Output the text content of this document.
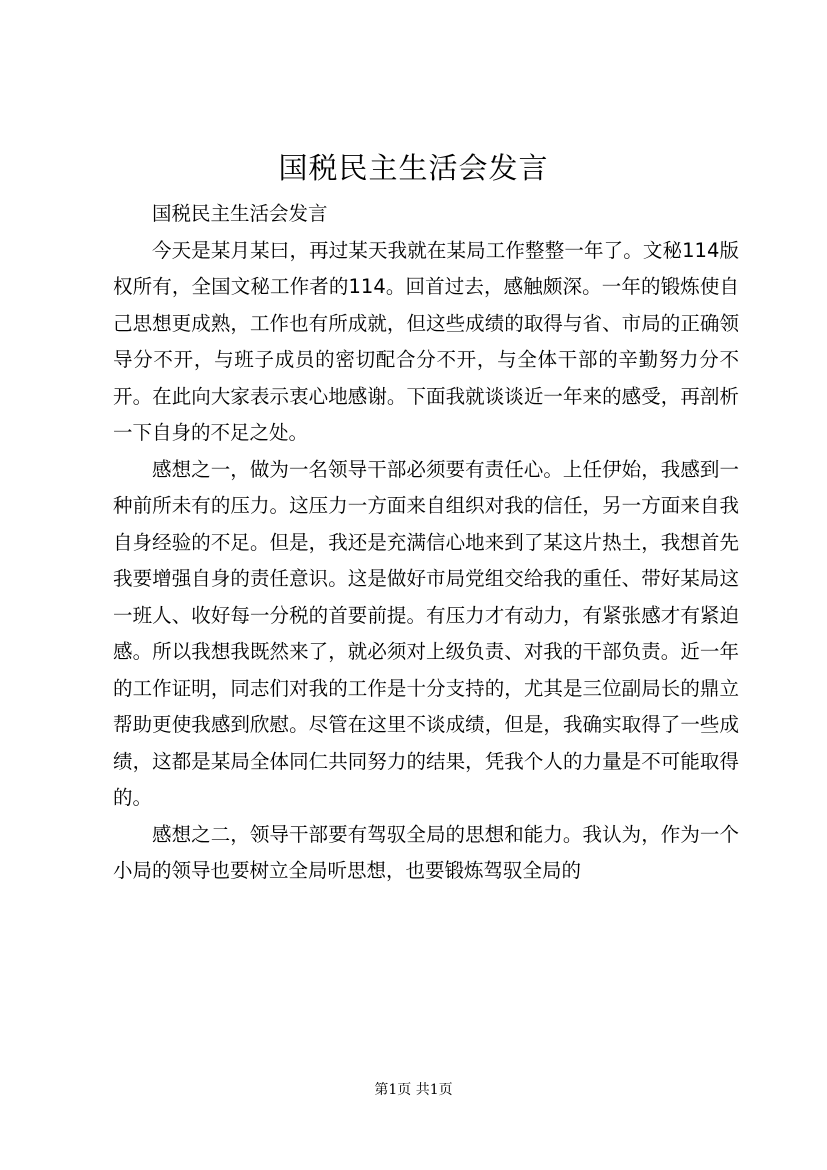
国税民主生活会发言

国税民主生活会发言

今天是某月某曰，再过某天我就在某局工作整整一年了。文秘114版权所有，全国文秘工作者的114。回首过去，感触颇深。一年的锻炼使自己思想更成熟，工作也有所成就，但这些成绩的取得与省、市局的正确领导分不开，与班子成员的密切配合分不开，与全体干部的辛勤努力分不开。在此向大家表示衷心地感谢。下面我就谈谈近一年来的感受，再剖析一下自身的不足之处。

感想之一，做为一名领导干部必须要有责任心。上任伊始，我感到一种前所未有的压力。这压力一方面来自组织对我的信任，另一方面来自我自身经验的不足。但是，我还是充满信心地来到了某这片热土，我想首先我要增强自身的责任意识。这是做好市局党组交给我的重任、带好某局这一班人、收好每一分税的首要前提。有压力才有动力，有紧张感才有紧迫感。所以我想我既然来了，就必须对上级负责、对我的干部负责。近一年的工作证明，同志们对我的工作是十分支持的，尤其是三位副局长的鼎立帮助更使我感到欣慰。尽管在这里不谈成绩，但是，我确实取得了一些成绩，这都是某局全体同仁共同努力的结果，凭我个人的力量是不可能取得的。

感想之二，领导干部要有驾驭全局的思想和能力。我认为，作为一个小局的领导也要树立全局听思想，也要锻炼驾驭全局的

第1页 共1页
